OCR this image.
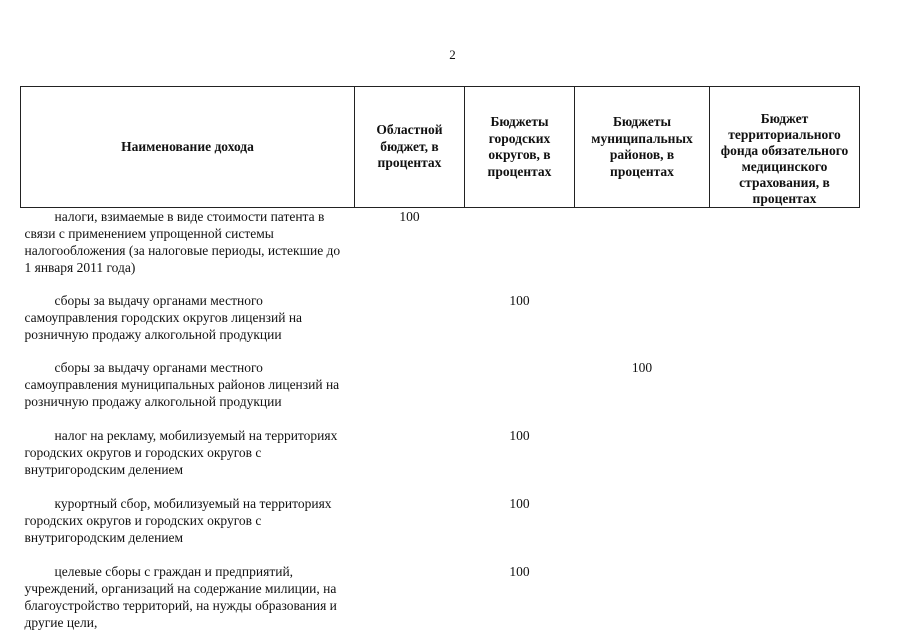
2
Наименование дохода	Областной бюджет, в процентах	Бюджеты городских округов, в процентах	Бюджеты муниципальных районов, в процентах	Бюджет территориального фонда обязательного медицинского страхования, в процентах
налоги, взимаемые в виде стоимости патента в связи с применением упрощенной системы налогообложения (за налоговые периоды, истекшие до 1 января 2011 года)	100			
сборы за выдачу органами местного самоуправления городских округов лицензий на розничную продажу алкогольной продукции		100		
сборы за выдачу органами местного самоуправления муниципальных районов лицензий на розничную продажу алкогольной продукции			100	
налог на рекламу, мобилизуемый на территориях городских округов и городских округов с внутригородским делением		100		
курортный сбор, мобилизуемый на территориях городских округов и городских округов с внутригородским делением		100		
целевые сборы с граждан и предприятий, учреждений, организаций на содержание милиции, на благоустройство территорий, на нужды образования и другие цели,		100		
